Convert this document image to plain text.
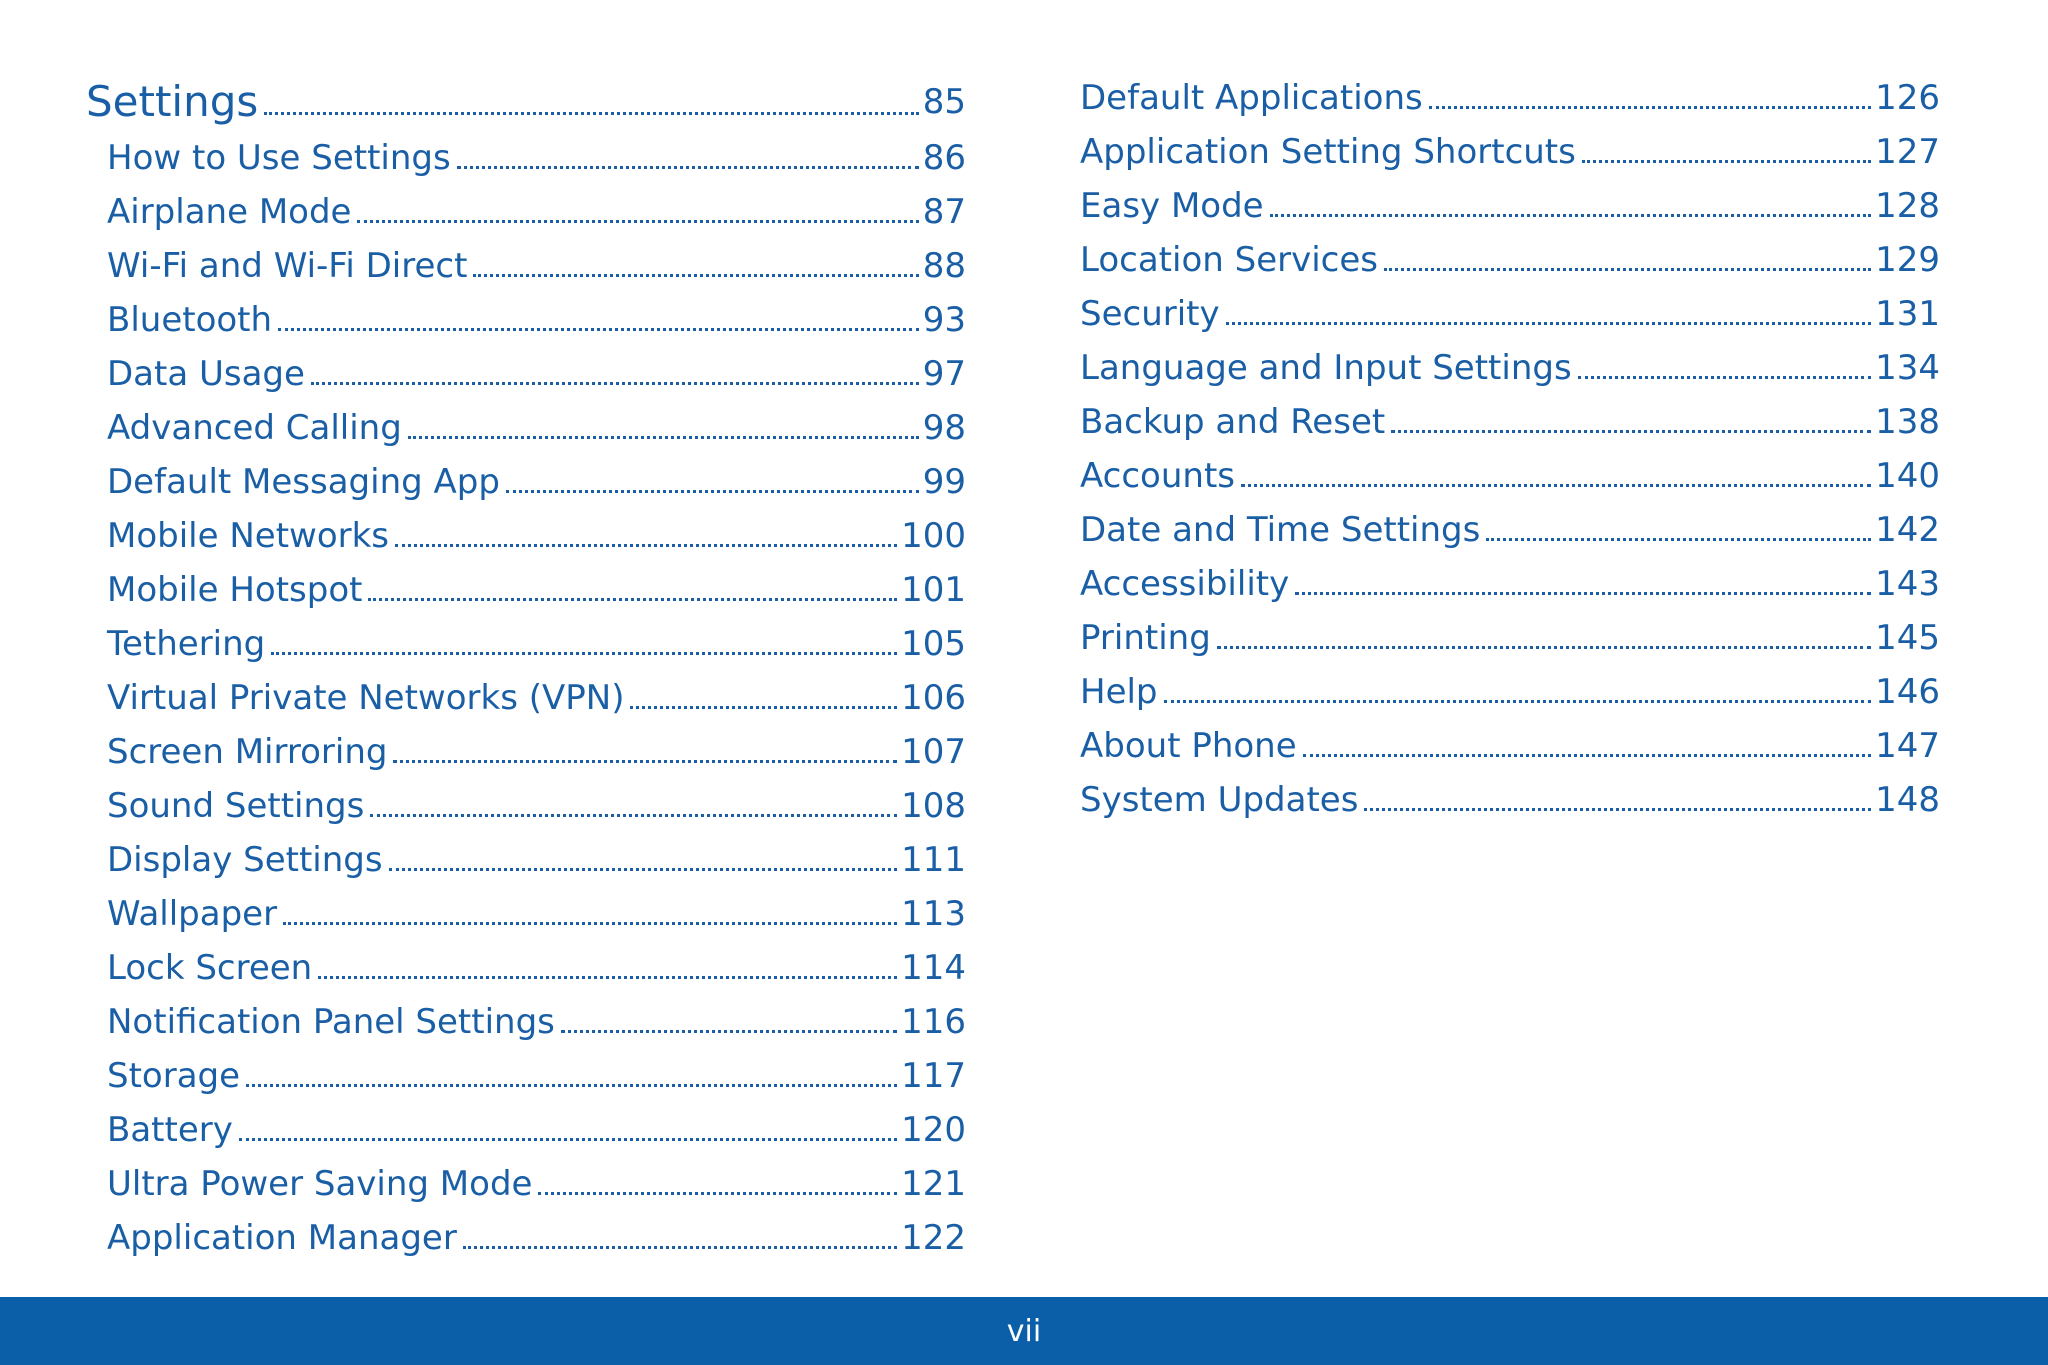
Settings	85
How to Use Settings	86
Airplane Mode	87
Wi-Fi and Wi-Fi Direct	88
Bluetooth	93
Data Usage	97
Advanced Calling	98
Default Messaging App	99
Mobile Networks	100
Mobile Hotspot	101
Tethering	105
Virtual Private Networks (VPN)	106
Screen Mirroring	107
Sound Settings	108
Display Settings	111
Wallpaper	113
Lock Screen	114
Notification Panel Settings	116
Storage	117
Battery	120
Ultra Power Saving Mode	121
Application Manager	122
Default Applications	126
Application Setting Shortcuts	127
Easy Mode	128
Location Services	129
Security	131
Language and Input Settings	134
Backup and Reset	138
Accounts	140
Date and Time Settings	142
Accessibility	143
Printing	145
Help	146
About Phone	147
System Updates	148
vii
